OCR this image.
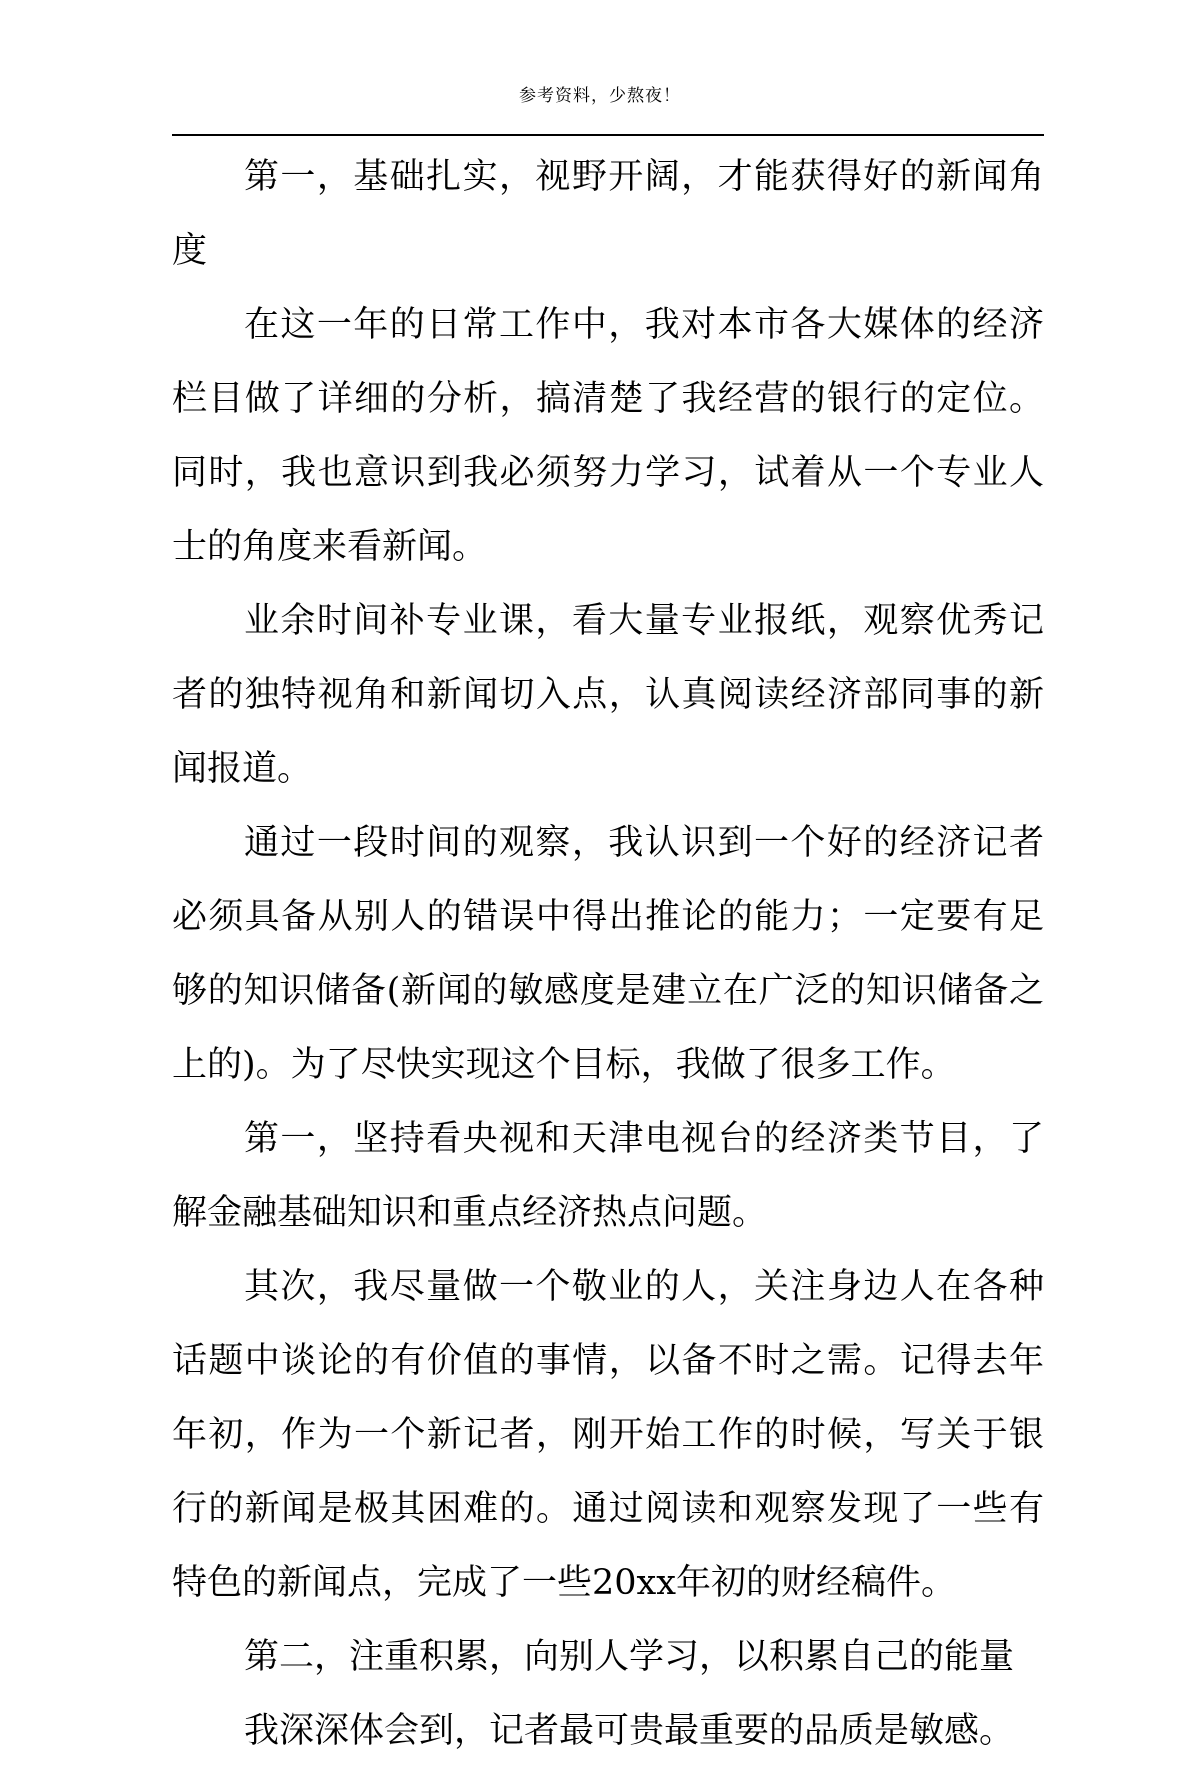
参考资料，少熬夜！

第一，基础扎实，视野开阔，才能获得好的新闻角度

在这一年的日常工作中，我对本市各大媒体的经济栏目做了详细的分析，搞清楚了我经营的银行的定位。同时，我也意识到我必须努力学习，试着从一个专业人士的角度来看新闻。

业余时间补专业课，看大量专业报纸，观察优秀记者的独特视角和新闻切入点，认真阅读经济部同事的新闻报道。

通过一段时间的观察，我认识到一个好的经济记者必须具备从别人的错误中得出推论的能力；一定要有足够的知识储备(新闻的敏感度是建立在广泛的知识储备之上的)。为了尽快实现这个目标，我做了很多工作。

第一，坚持看央视和天津电视台的经济类节目，了解金融基础知识和重点经济热点问题。

其次，我尽量做一个敬业的人，关注身边人在各种话题中谈论的有价值的事情，以备不时之需。记得去年年初，作为一个新记者，刚开始工作的时候，写关于银行的新闻是极其困难的。通过阅读和观察发现了一些有特色的新闻点，完成了一些20xx年初的财经稿件。

第二，注重积累，向别人学习，以积累自己的能量

我深深体会到，记者最可贵最重要的品质是敏感。
